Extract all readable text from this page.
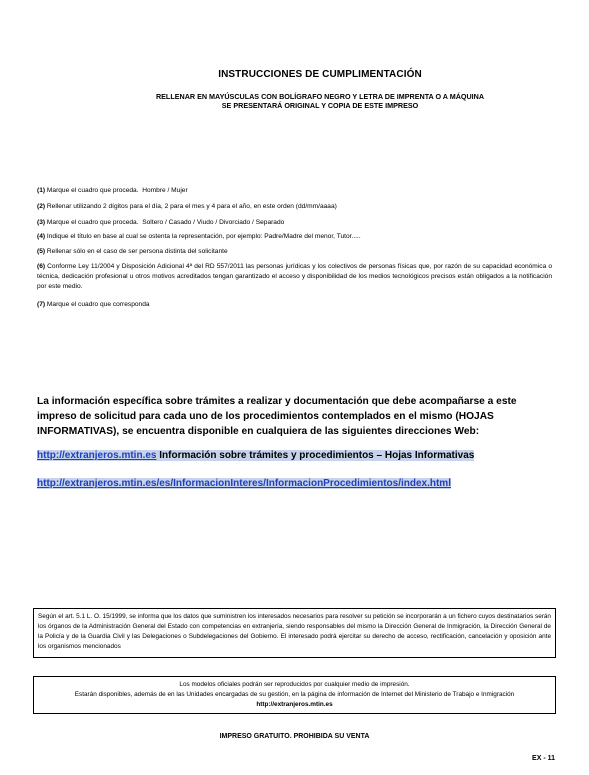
INSTRUCCIONES DE CUMPLIMENTACIÓN
RELLENAR EN MAYÚSCULAS CON BOLÍGRAFO NEGRO Y LETRA DE IMPRENTA O A MÁQUINA
SE PRESENTARÁ ORIGINAL Y COPIA DE ESTE IMPRESO
(1) Marque el cuadro que proceda. Hombre / Mujer
(2) Rellenar utilizando 2 dígitos para el día, 2 para el mes y 4 para el año, en este orden (dd/mm/aaaa)
(3) Marque el cuadro que proceda. Soltero / Casado / Viudo / Divorciado / Separado
(4) Indique el título en base al cual se ostenta la representación, por ejemplo: Padre/Madre del menor, Tutor.....
(5) Rellenar sólo en el caso de ser persona distinta del solicitante
(6) Conforme Ley 11/2004 y Disposición Adicional 4ª del RD 557/2011 las personas jurídicas y los colectivos de personas físicas que, por razón de su capacidad económica o técnica, dedicación profesional u otros motivos acreditados tengan garantizado el acceso y disponibilidad de los medios tecnológicos precisos están obligados a la notificación por este medio.
(7) Marque el cuadro que corresponda
La información específica sobre trámites a realizar y documentación que debe acompañarse a este impreso de solicitud para cada uno de los procedimientos contemplados en el mismo (HOJAS INFORMATIVAS), se encuentra disponible en cualquiera de las siguientes direcciones Web:
http://extranjeros.mtin.es Información sobre trámites y procedimientos – Hojas Informativas
http://extranjeros.mtin.es/es/InformacionInteres/InformacionProcedimientos/index.html
Según el art. 5.1 L. O. 15/1999, se informa que los datos que suministren los interesados necesarios para resolver su petición se incorporarán a un fichero cuyos destinatarios serán los órganos de la Administración General del Estado con competencias en extranjería, siendo responsables del mismo la Dirección General de Inmigración, la Dirección General de la Policía y de la Guardia Civil y las Delegaciones o Subdelegaciones del Gobierno. El interesado podrá ejercitar su derecho de acceso, rectificación, cancelación y oposición ante los organismos mencionados
Los modelos oficiales podrán ser reproducidos por cualquier medio de impresión.
Estarán disponibles, además de en las Unidades encargadas de su gestión, en la página de información de Internet del Ministerio de Trabajo e Inmigración
http://extranjeros.mtin.es
IMPRESO GRATUITO. PROHIBIDA SU VENTA
EX - 11
